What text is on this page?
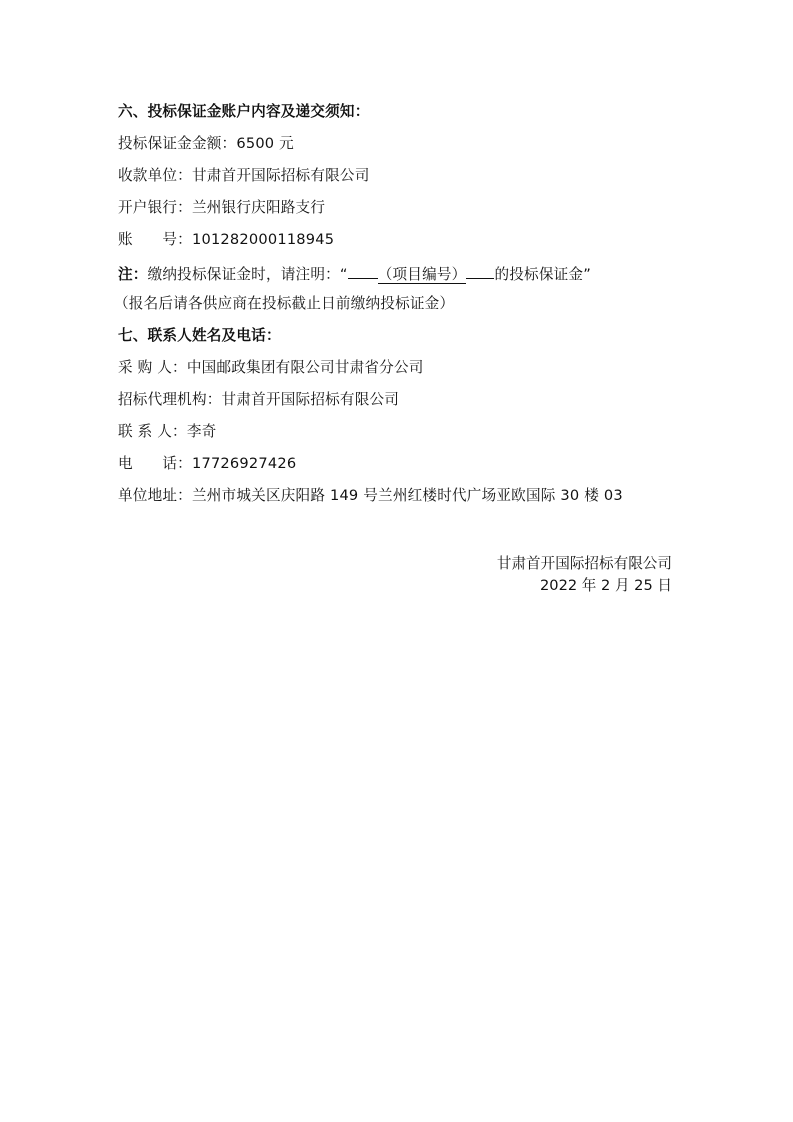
六、投标保证金账户内容及递交须知：
投标保证金金额：6500 元
收款单位：甘肃首开国际招标有限公司
开户银行：兰州银行庆阳路支行
账　　号：101282000118945
注：缴纳投标保证金时，请注明：“ （项目编号） 的投标保证金”
（报名后请各供应商在投标截止日前缴纳投标证金）
七、联系人姓名及电话：
采 购 人：中国邮政集团有限公司甘肃省分公司
招标代理机构：甘肃首开国际招标有限公司
联 系 人：李奇
电　　话：17726927426
单位地址：兰州市城关区庆阳路 149 号兰州红楼时代广场亚欧国际 30 楼 03
甘肃首开国际招标有限公司
2022 年 2 月 25 日
